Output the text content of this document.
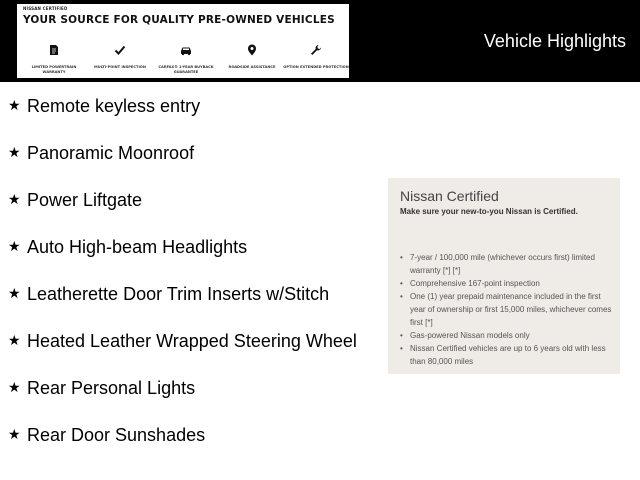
NISSAN CERTIFIED
YOUR SOURCE FOR QUALITY PRE-OWNED VEHICLES
LIMITED POWERTRAIN WARRANTY
MULTI-POINT INSPECTION	CARFAX® 1-YEAR BUYBACK GUARANTEE
ROADSIDE ASSISTANCE	OPTION EXTENDED PROTECTION
Vehicle Highlights
★ Remote keyless entry
★ Panoramic Moonroof
★ Power Liftgate
★ Auto High-beam Headlights
★ Leatherette Door Trim Inserts w/Stitch
★ Heated Leather Wrapped Steering Wheel
★ Rear Personal Lights
★ Rear Door Sunshades
Nissan Certified
Make sure your new-to-you Nissan is Certified.
• 7-year / 100,000 mile (whichever occurs first) limited warranty [*] [*]
• Comprehensive 167-point inspection
• One (1) year prepaid maintenance included in the first year of ownership or first 15,000 miles, whichever comes first [*]
• Gas-powered Nissan models only
• Nissan Certified vehicles are up to 6 years old with less than 80,000 miles
